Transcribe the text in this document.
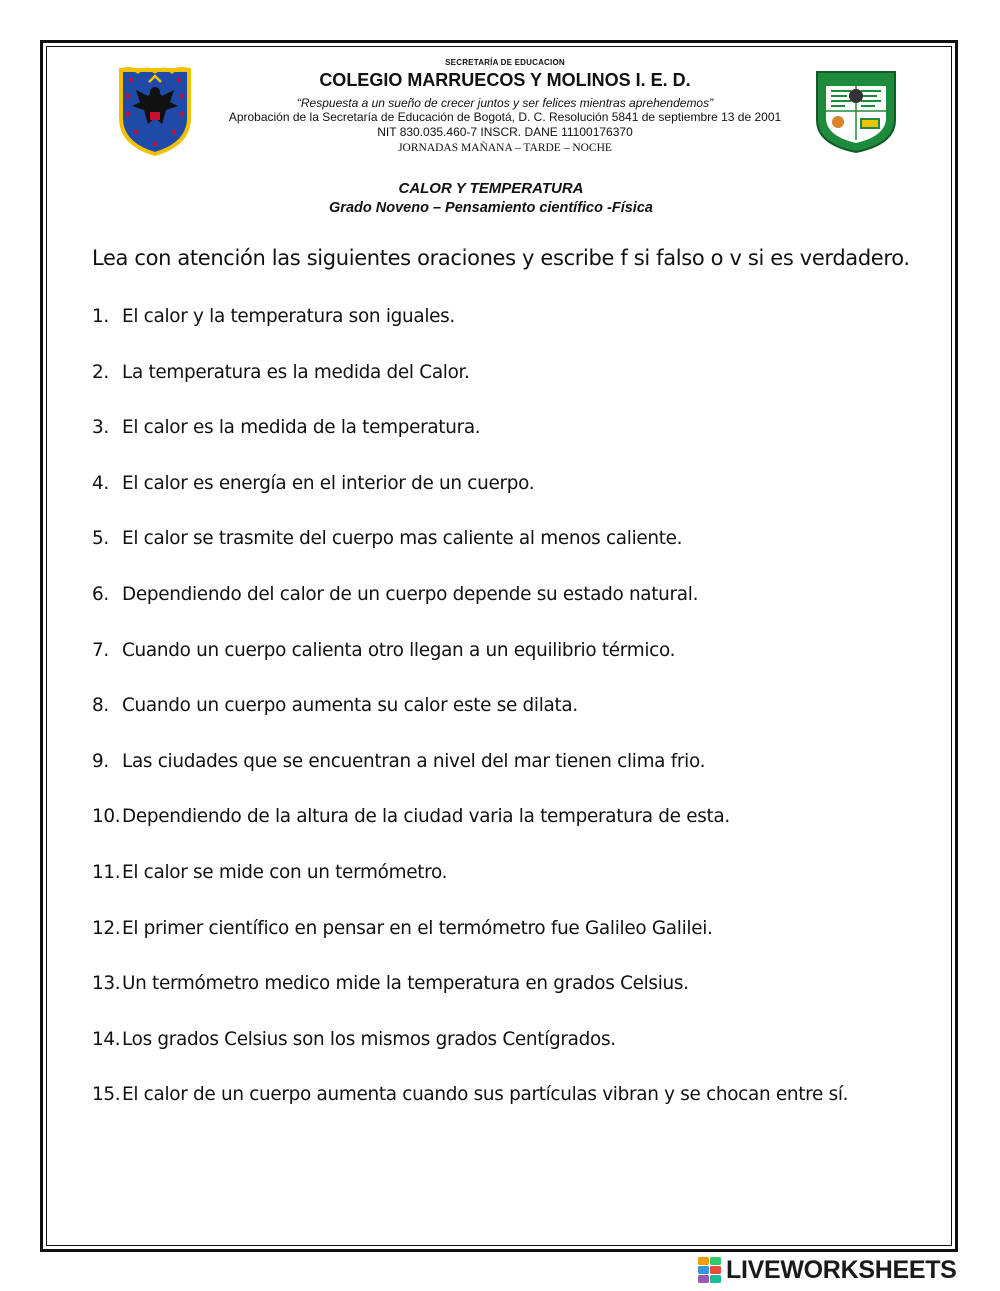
SECRETARÍA DE EDUCACION
COLEGIO MARRUECOS Y MOLINOS I. E. D.
“Respuesta a un sueño de crecer juntos y ser felices mientras aprehendemos”
Aprobación de la Secretaría de Educación de Bogotá, D. C. Resolución 5841 de septiembre 13 de 2001
NIT 830.035.460-7 INSCR. DANE 11100176370
JORNADAS MAÑANA – TARDE – NOCHE
CALOR Y TEMPERATURA
Grado Noveno – Pensamiento científico -Física
Lea con atención las siguientes oraciones y escribe f si falso o v si es verdadero.
1. El calor y la temperatura son iguales.
2. La temperatura es la medida del Calor.
3. El calor es la medida de la temperatura.
4. El calor es energía en el interior de un cuerpo.
5. El calor se trasmite del cuerpo mas caliente al menos caliente.
6. Dependiendo del calor de un cuerpo depende su estado natural.
7. Cuando un cuerpo calienta otro llegan a un equilibrio térmico.
8. Cuando un cuerpo aumenta su calor este se dilata.
9. Las ciudades que se encuentran a nivel del mar tienen clima frio.
10. Dependiendo de la altura de la ciudad varia la temperatura de esta.
11. El calor se mide con un termómetro.
12. El primer científico en pensar en el termómetro fue Galileo Galilei.
13. Un termómetro medico mide la temperatura en grados Celsius.
14. Los grados Celsius son los mismos grados Centígrados.
15. El calor de un cuerpo aumenta cuando sus partículas vibran y se chocan entre sí.
LIVEWORKSHEETS
